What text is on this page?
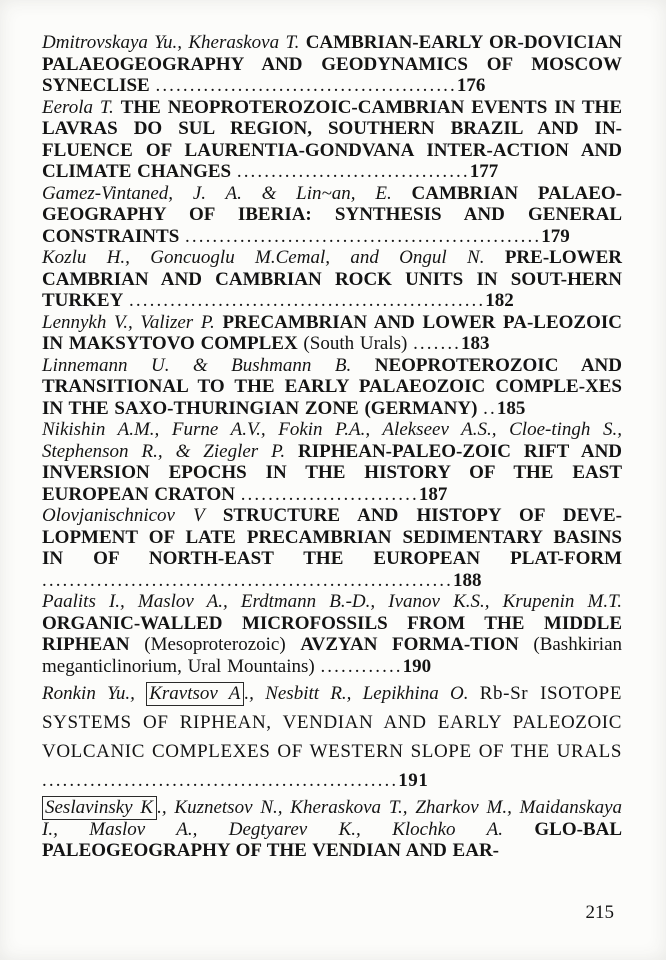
Dmitrovskaya Yu., Kheraskova T. CAMBRIAN-EARLY OR-DOVICIAN PALAEOGEOGRAPHY AND GEODYNAMICS OF MOSCOW SYNECLISE ............................................176

Eerola T. THE NEOPROTEROZOIC-CAMBRIAN EVENTS IN THE LAVRAS DO SUL REGION, SOUTHERN BRAZIL AND IN-FLUENCE OF LAURENTIA-GONDVANA INTER-ACTION AND CLIMATE CHANGES ..................................177

Gamez-Vintaned, J. A. & Lin~an, E. CAMBRIAN PALAEO-GEOGRAPHY OF IBERIA: SYNTHESIS AND GENERAL CONSTRAINTS ....................................................179

Kozlu H., Goncuoglu M.Cemal, and Ongul N. PRE-LOWER CAMBRIAN AND CAMBRIAN ROCK UNITS IN SOUT-HERN TURKEY ....................................................182

Lennykh V., Valizer P. PRECAMBRIAN AND LOWER PA-LEOZOIC IN MAKSYTOVO COMPLEX (South Urals) .......183

Linnemann U. & Bushmann B. NEOPROTEROZOIC AND TRANSITIONAL TO THE EARLY PALAEOZOIC COMPLE-XES IN THE SAXO-THURINGIAN ZONE (GERMANY) ..185

Nikishin A.M., Furne A.V., Fokin P.A., Alekseev A.S., Cloe-tingh S., Stephenson R., & Ziegler P. RIPHEAN-PALEO-ZOIC RIFT AND INVERSION EPOCHS IN THE HISTORY OF THE EAST EUROPEAN CRATON ..........................187

Olovjanischnicov V STRUCTURE AND HISTOPY OF DEVE-LOPMENT OF LATE PRECAMBRIAN SEDIMENTARY BASINS IN OF NORTH-EAST THE EUROPEAN PLAT-FORM ............................................................188

Paalits I., Maslov A., Erdtmann B.-D., Ivanov K.S., Krupenin M.T. ORGANIC-WALLED MICROFOSSILS FROM THE MIDDLE RIPHEAN (Mesoproterozoic) AVZYAN FORMA-TION (Bashkirian meganticlinorium, Ural Mountains) ............190

Ronkin Yu., Kravtsov A ., Nesbitt R., Lepikhina O. Rb-Sr ISOTOPE SYSTEMS OF RIPHEAN, VENDIAN AND EARLY PALEOZOIC VOLCANIC COMPLEXES OF WESTERN SLOPE OF THE URALS ....................................................191

Seslavinsky K ., Kuznetsov N., Kheraskova T., Zharkov M., Maidanskaya I., Maslov A., Degtyarev K., Klochko A. GLO-BAL PALEOGEOGRAPHY OF THE VENDIAN AND EAR-

215
